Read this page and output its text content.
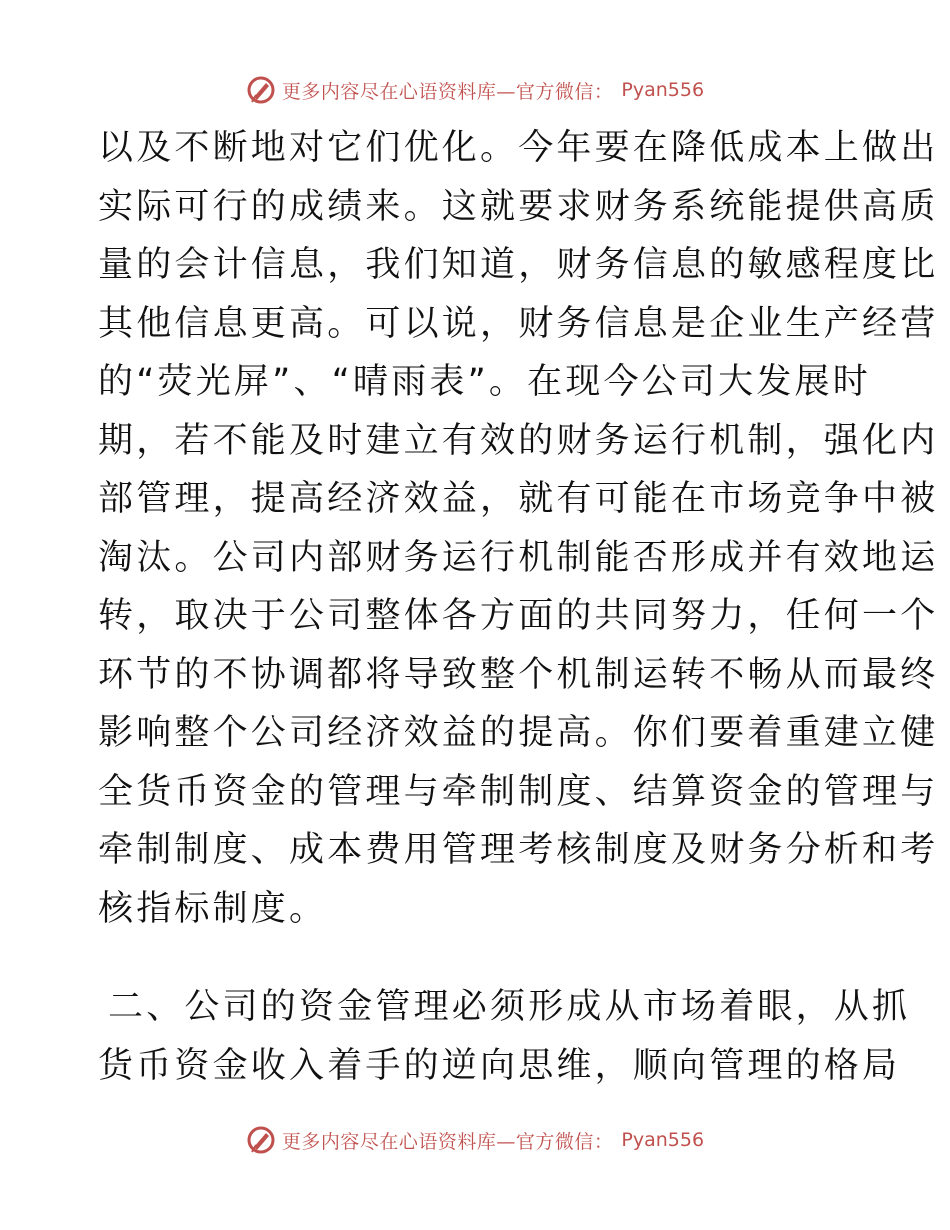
更多内容尽在心语资料库—官方微信： Pyan556
以及不断地对它们优化。今年要在降低成本上做出
实际可行的成绩来。这就要求财务系统能提供高质
量的会计信息，我们知道，财务信息的敏感程度比
其他信息更高。可以说，财务信息是企业生产经营
的“荧光屏”、“晴雨表”。在现今公司大发展时
期，若不能及时建立有效的财务运行机制，强化内
部管理，提高经济效益，就有可能在市场竞争中被
淘汰。公司内部财务运行机制能否形成并有效地运
转，取决于公司整体各方面的共同努力，任何一个
环节的不协调都将导致整个机制运转不畅从而最终
影响整个公司经济效益的提高。你们要着重建立健
全货币资金的管理与牵制制度、结算资金的管理与
牵制制度、成本费用管理考核制度及财务分析和考
核指标制度。
二、公司的资金管理必须形成从市场着眼，从抓
货币资金收入着手的逆向思维，顺向管理的格局
更多内容尽在心语资料库—官方微信： Pyan556
